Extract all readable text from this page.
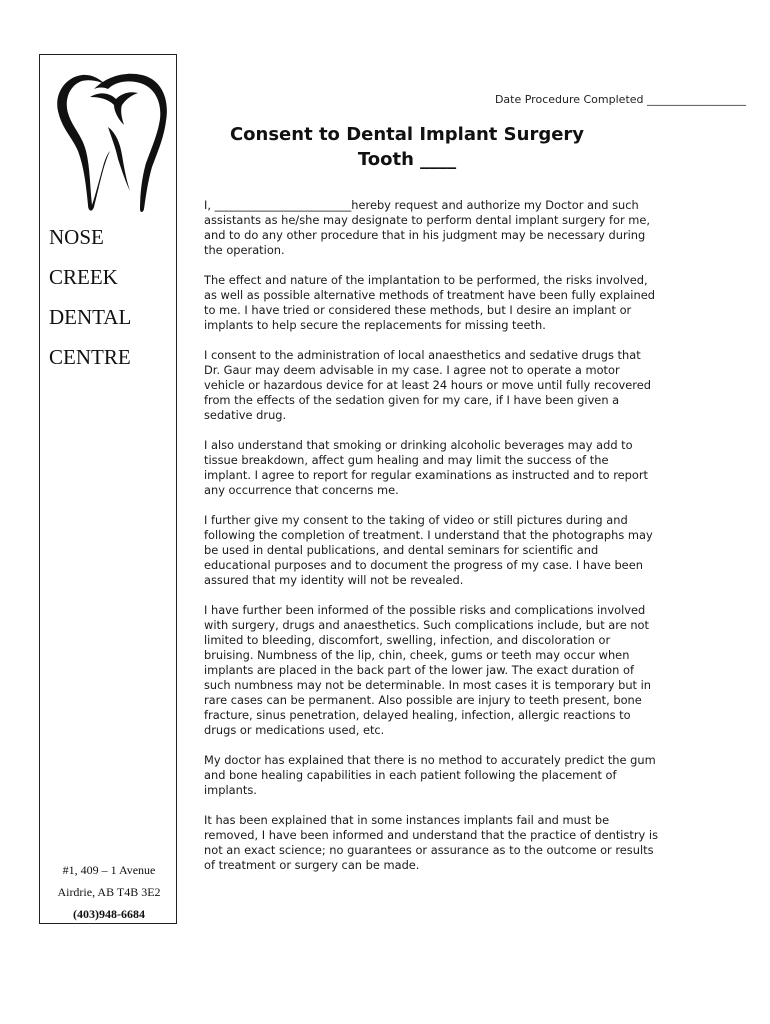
NOSE
CREEK
DENTAL
CENTRE
#1, 409 – 1 Avenue
Airdrie, AB T4B 3E2
(403)948-6684
Date Procedure Completed __________________
Consent to Dental Implant Surgery
Tooth ____

I, ________________________hereby request and authorize my Doctor and such assistants as he/she may designate to perform dental implant surgery for me, and to do any other procedure that in his judgment may be necessary during the operation.

The effect and nature of the implantation to be performed, the risks involved, as well as possible alternative methods of treatment have been fully explained to me. I have tried or considered these methods, but I desire an implant or implants to help secure the replacements for missing teeth.

I consent to the administration of local anaesthetics and sedative drugs that Dr. Gaur may deem advisable in my case. I agree not to operate a motor vehicle or hazardous device for at least 24 hours or move until fully recovered from the effects of the sedation given for my care, if I have been given a sedative drug.

I also understand that smoking or drinking alcoholic beverages may add to tissue breakdown, affect gum healing and may limit the success of the implant. I agree to report for regular examinations as instructed and to report any occurrence that concerns me.

I further give my consent to the taking of video or still pictures during and following the completion of treatment. I understand that the photographs may be used in dental publications, and dental seminars for scientific and educational purposes and to document the progress of my case. I have been assured that my identity will not be revealed.

I have further been informed of the possible risks and complications involved with surgery, drugs and anaesthetics. Such complications include, but are not limited to bleeding, discomfort, swelling, infection, and discoloration or bruising. Numbness of the lip, chin, cheek, gums or teeth may occur when implants are placed in the back part of the lower jaw. The exact duration of such numbness may not be determinable. In most cases it is temporary but in rare cases can be permanent. Also possible are injury to teeth present, bone fracture, sinus penetration, delayed healing, infection, allergic reactions to drugs or medications used, etc.

My doctor has explained that there is no method to accurately predict the gum and bone healing capabilities in each patient following the placement of implants.

It has been explained that in some instances implants fail and must be removed, I have been informed and understand that the practice of dentistry is not an exact science; no guarantees or assurance as to the outcome or results of treatment or surgery can be made.
